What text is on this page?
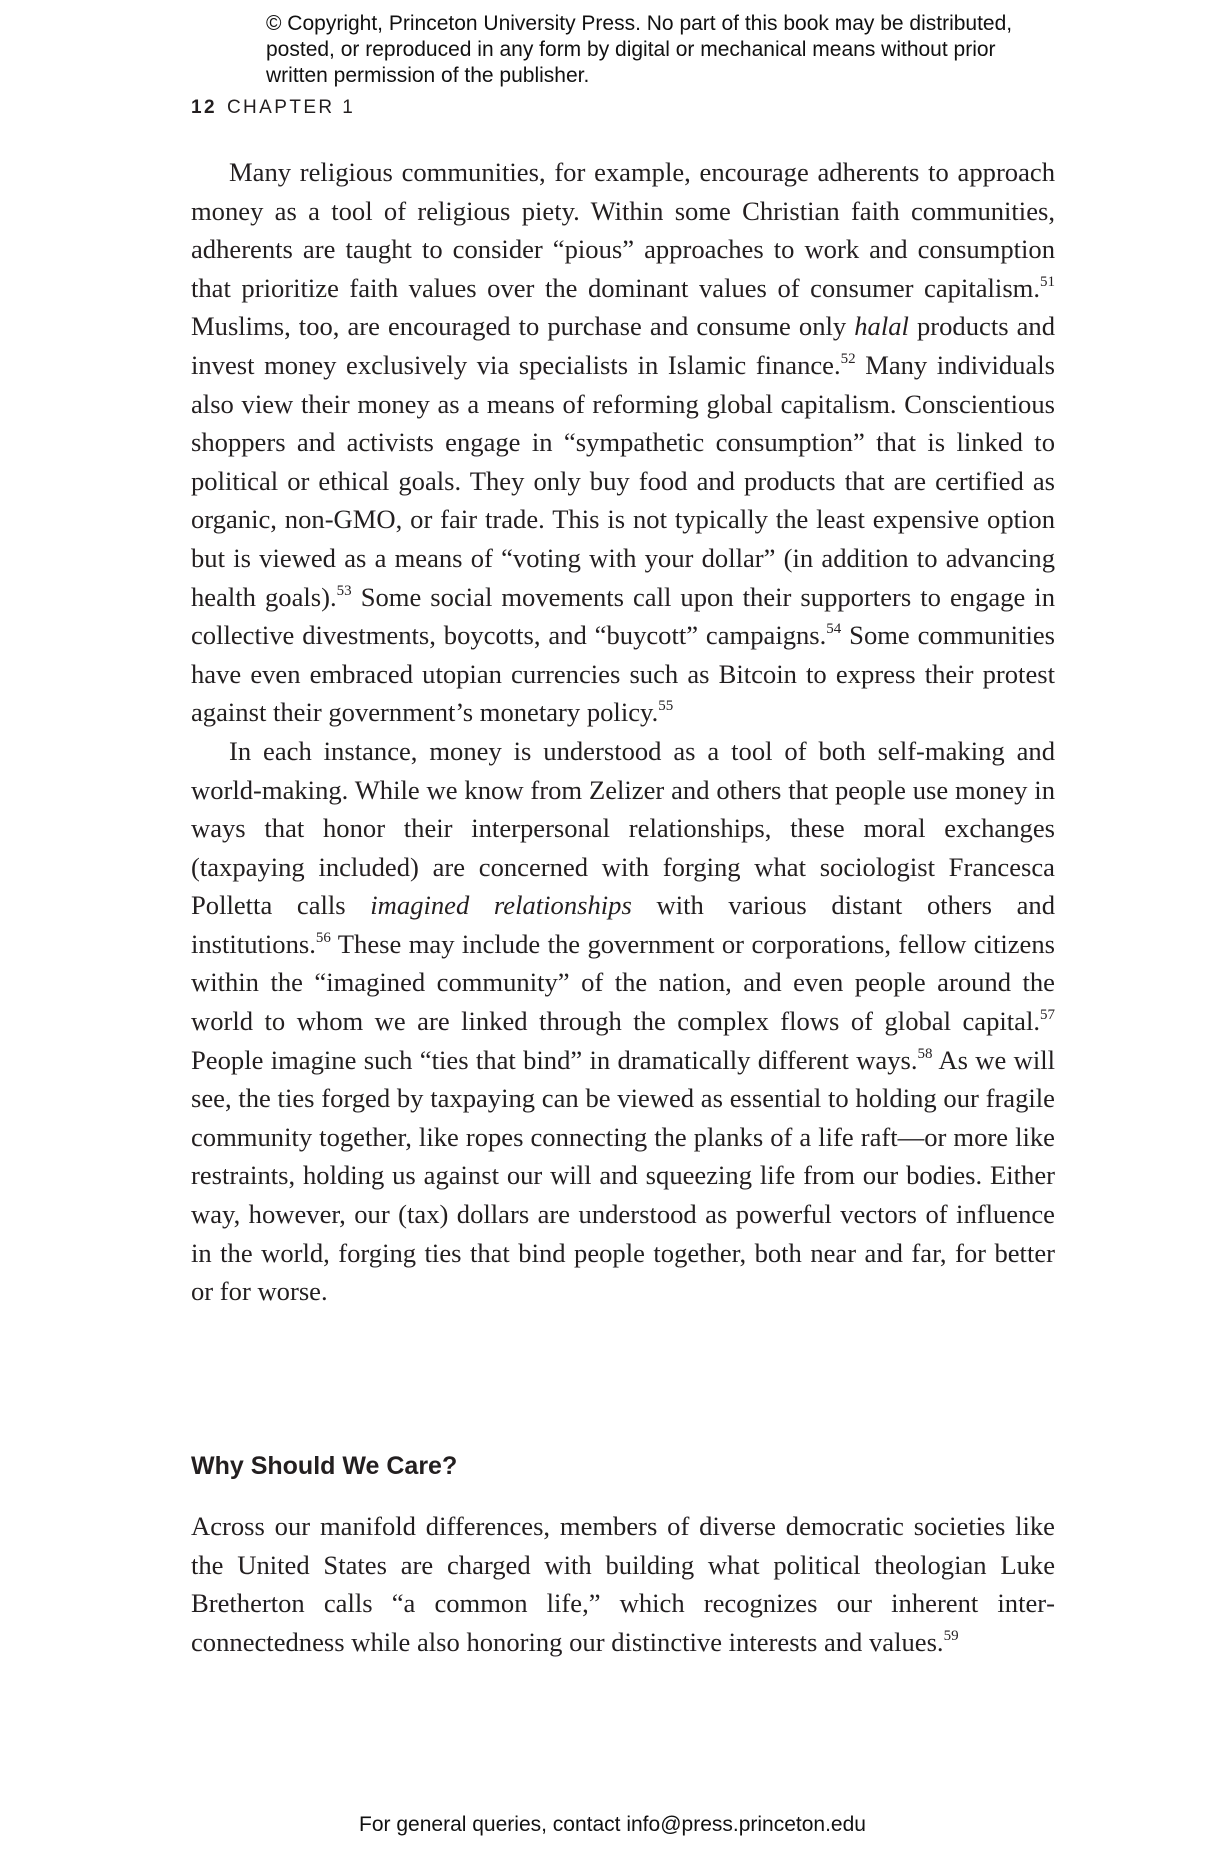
© Copyright, Princeton University Press. No part of this book may be distributed, posted, or reproduced in any form by digital or mechanical means without prior written permission of the publisher.
12 CHAPTER 1

Many religious communities, for example, encourage adherents to approach money as a tool of religious piety. Within some Christian faith communities, adherents are taught to consider “pious” approaches to work and consumption that prioritize faith values over the dominant values of consumer capitalism.$^{51}$ Muslims, too, are encouraged to purchase and consume only halal products and invest money exclusively via specialists in Islamic finance.$^{52}$ Many individuals also view their money as a means of reforming global capitalism. Conscientious shoppers and activists engage in “sympathetic consumption” that is linked to political or ethical goals. They only buy food and products that are certified as organic, non-GMO, or fair trade. This is not typically the least expensive option but is viewed as a means of “voting with your dollar” (in addition to advancing health goals).$^{53}$ Some social movements call upon their supporters to engage in collective divestments, boycotts, and “buycott” campaigns.$^{54}$ Some communities have even embraced utopian currencies such as Bitcoin to express their protest against their government’s monetary policy.$^{55}$

In each instance, money is understood as a tool of both self-making and world-making. While we know from Zelizer and others that people use money in ways that honor their interpersonal relationships, these moral exchanges (taxpaying included) are concerned with forging what sociologist Francesca Polletta calls imagined relationships with various distant others and institutions.$^{56}$ These may include the government or corporations, fellow citizens within the “imagined community” of the nation, and even people around the world to whom we are linked through the complex flows of global capital.$^{57}$ People imagine such “ties that bind” in dramatically different ways.$^{58}$ As we will see, the ties forged by taxpaying can be viewed as essential to holding our fragile community together, like ropes connecting the planks of a life raft—or more like restraints, holding us against our will and squeezing life from our bodies. Either way, however, our (tax) dollars are understood as powerful vectors of influence in the world, forging ties that bind people together, both near and far, for better or for worse.

Why Should We Care?

Across our manifold differences, members of diverse democratic societies like the United States are charged with building what political theologian Luke Bretherton calls “a common life,” which recognizes our inherent interconnectedness while also honoring our distinctive interests and values.$^{59}$

For general queries, contact info@press.princeton.edu
